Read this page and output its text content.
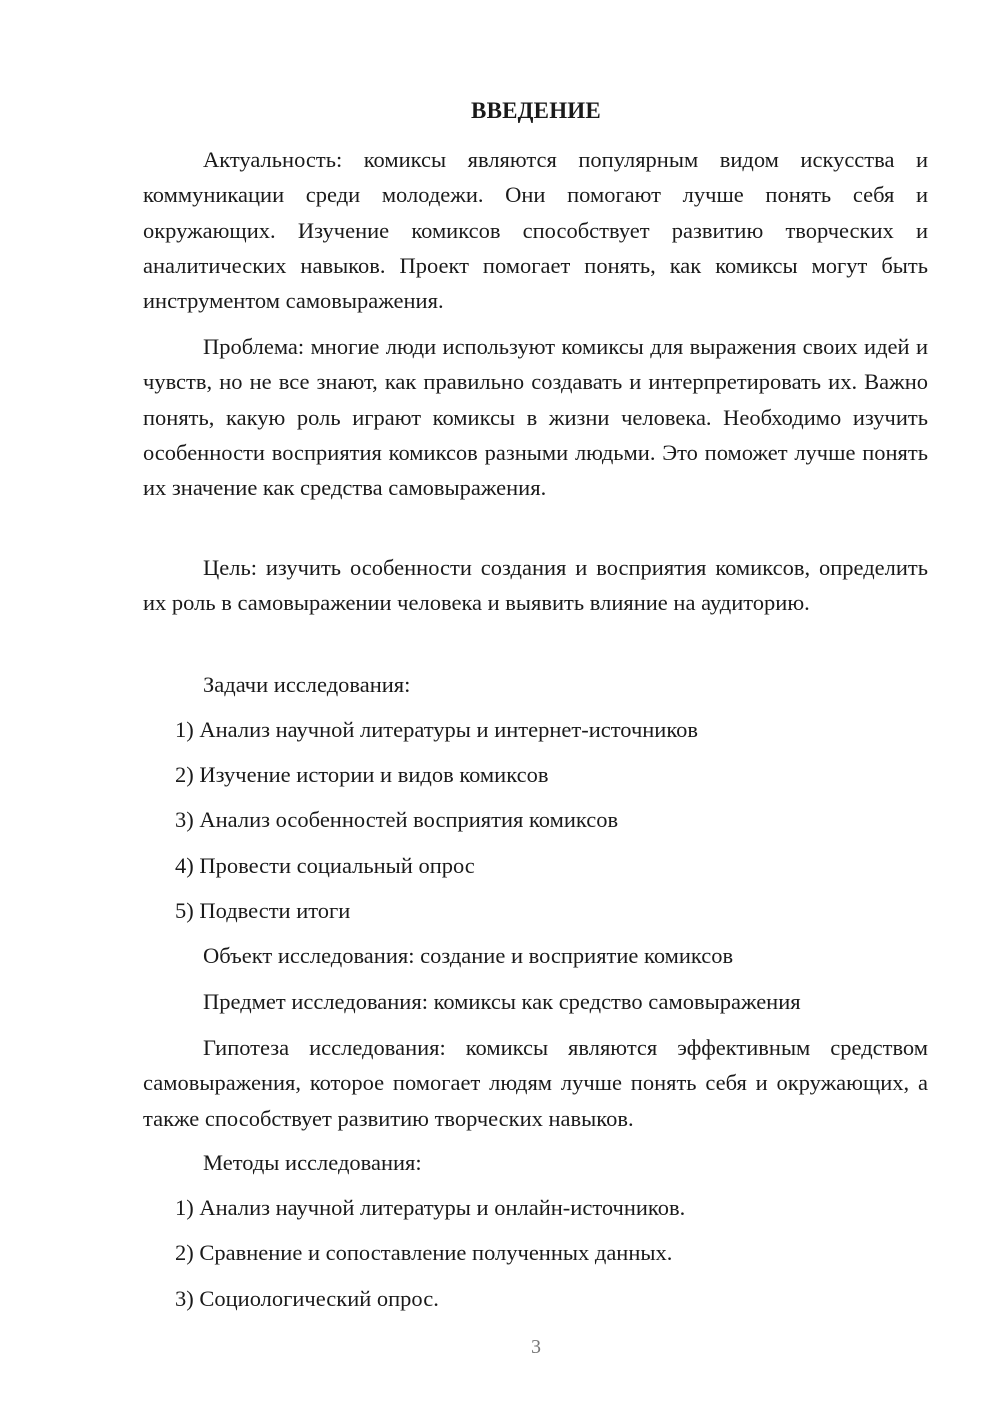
ВВЕДЕНИЕ

Актуальность: комиксы являются популярным видом искусства и коммуникации среди молодежи. Они помогают лучше понять себя и окружающих. Изучение комиксов способствует развитию творческих и аналитических навыков. Проект помогает понять, как комиксы могут быть инструментом самовыражения.

Проблема: многие люди используют комиксы для выражения своих идей и чувств, но не все знают, как правильно создавать и интерпретировать их. Важно понять, какую роль играют комиксы в жизни человека. Необходимо изучить особенности восприятия комиксов разными людьми. Это поможет лучше понять их значение как средства самовыражения.

Цель: изучить особенности создания и восприятия комиксов, определить их роль в самовыражении человека и выявить влияние на аудиторию.

Задачи исследования:

1) Анализ научной литературы и интернет-источников

2) Изучение истории и видов комиксов

3) Анализ особенностей восприятия комиксов

4) Провести социальный опрос

5) Подвести итоги

Объект исследования: создание и восприятие комиксов

Предмет исследования: комиксы как средство самовыражения

Гипотеза исследования: комиксы являются эффективным средством самовыражения, которое помогает людям лучше понять себя и окружающих, а также способствует развитию творческих навыков.

Методы исследования:

1) Анализ научной литературы и онлайн-источников.

2) Сравнение и сопоставление полученных данных.

3) Социологический опрос.

3
